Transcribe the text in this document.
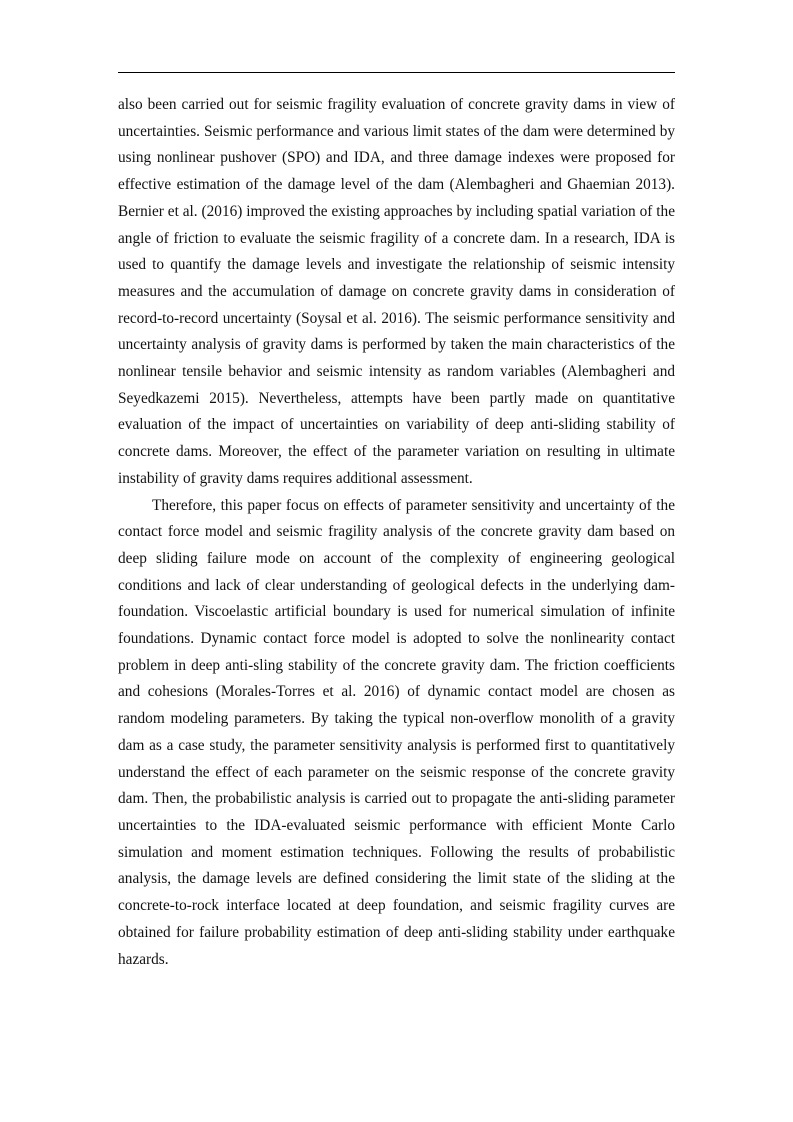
also been carried out for seismic fragility evaluation of concrete gravity dams in view of uncertainties. Seismic performance and various limit states of the dam were determined by using nonlinear pushover (SPO) and IDA, and three damage indexes were proposed for effective estimation of the damage level of the dam (Alembagheri and Ghaemian 2013). Bernier et al. (2016) improved the existing approaches by including spatial variation of the angle of friction to evaluate the seismic fragility of a concrete dam. In a research, IDA is used to quantify the damage levels and investigate the relationship of seismic intensity measures and the accumulation of damage on concrete gravity dams in consideration of record-to-record uncertainty (Soysal et al. 2016). The seismic performance sensitivity and uncertainty analysis of gravity dams is performed by taken the main characteristics of the nonlinear tensile behavior and seismic intensity as random variables (Alembagheri and Seyedkazemi 2015). Nevertheless, attempts have been partly made on quantitative evaluation of the impact of uncertainties on variability of deep anti-sliding stability of concrete dams. Moreover, the effect of the parameter variation on resulting in ultimate instability of gravity dams requires additional assessment.

Therefore, this paper focus on effects of parameter sensitivity and uncertainty of the contact force model and seismic fragility analysis of the concrete gravity dam based on deep sliding failure mode on account of the complexity of engineering geological conditions and lack of clear understanding of geological defects in the underlying dam-foundation. Viscoelastic artificial boundary is used for numerical simulation of infinite foundations. Dynamic contact force model is adopted to solve the nonlinearity contact problem in deep anti-sling stability of the concrete gravity dam. The friction coefficients and cohesions (Morales-Torres et al. 2016) of dynamic contact model are chosen as random modeling parameters. By taking the typical non-overflow monolith of a gravity dam as a case study, the parameter sensitivity analysis is performed first to quantitatively understand the effect of each parameter on the seismic response of the concrete gravity dam. Then, the probabilistic analysis is carried out to propagate the anti-sliding parameter uncertainties to the IDA-evaluated seismic performance with efficient Monte Carlo simulation and moment estimation techniques. Following the results of probabilistic analysis, the damage levels are defined considering the limit state of the sliding at the concrete-to-rock interface located at deep foundation, and seismic fragility curves are obtained for failure probability estimation of deep anti-sliding stability under earthquake hazards.
